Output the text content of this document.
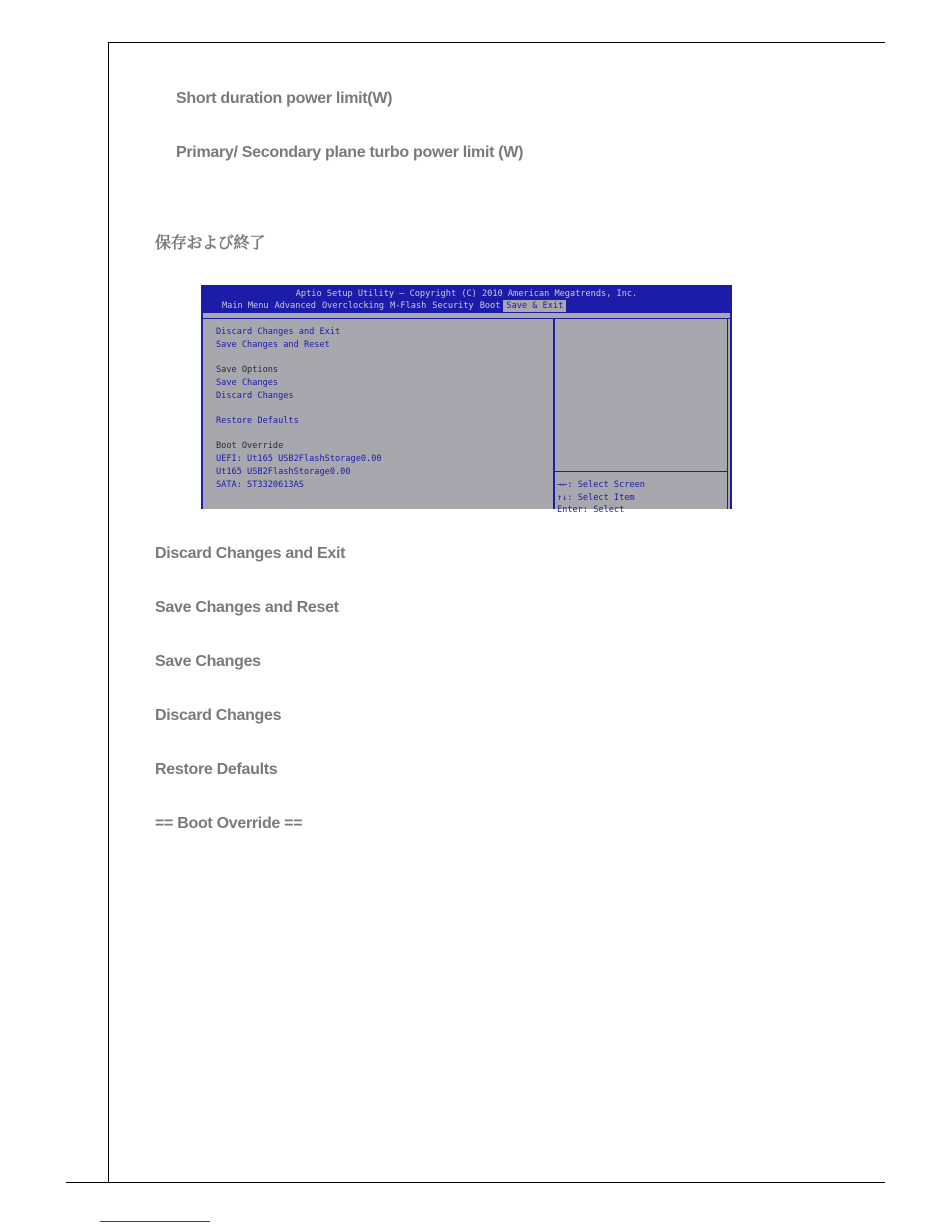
Short duration power limit(W)
Primary/ Secondary plane turbo power limit (W)
保存および終了
Aptio Setup Utility – Copyright (C) 2010 American Megatrends, Inc.
Main Menu Advanced Overclocking M-Flash Security Boot Save & Exit
Discard Changes and Exit
Save Changes and Reset
Save Options
Save Changes
Discard Changes
Restore Defaults
Boot Override
UEFI: Ut165 USB2FlashStorage0.00
Ut165 USB2FlashStorage0.00
SATA: ST3320613AS	→←: Select Screen
↑↓: Select Item
Enter: Select
Discard Changes and Exit
Save Changes and Reset
Save Changes
Discard Changes
Restore Defaults
== Boot Override ==
